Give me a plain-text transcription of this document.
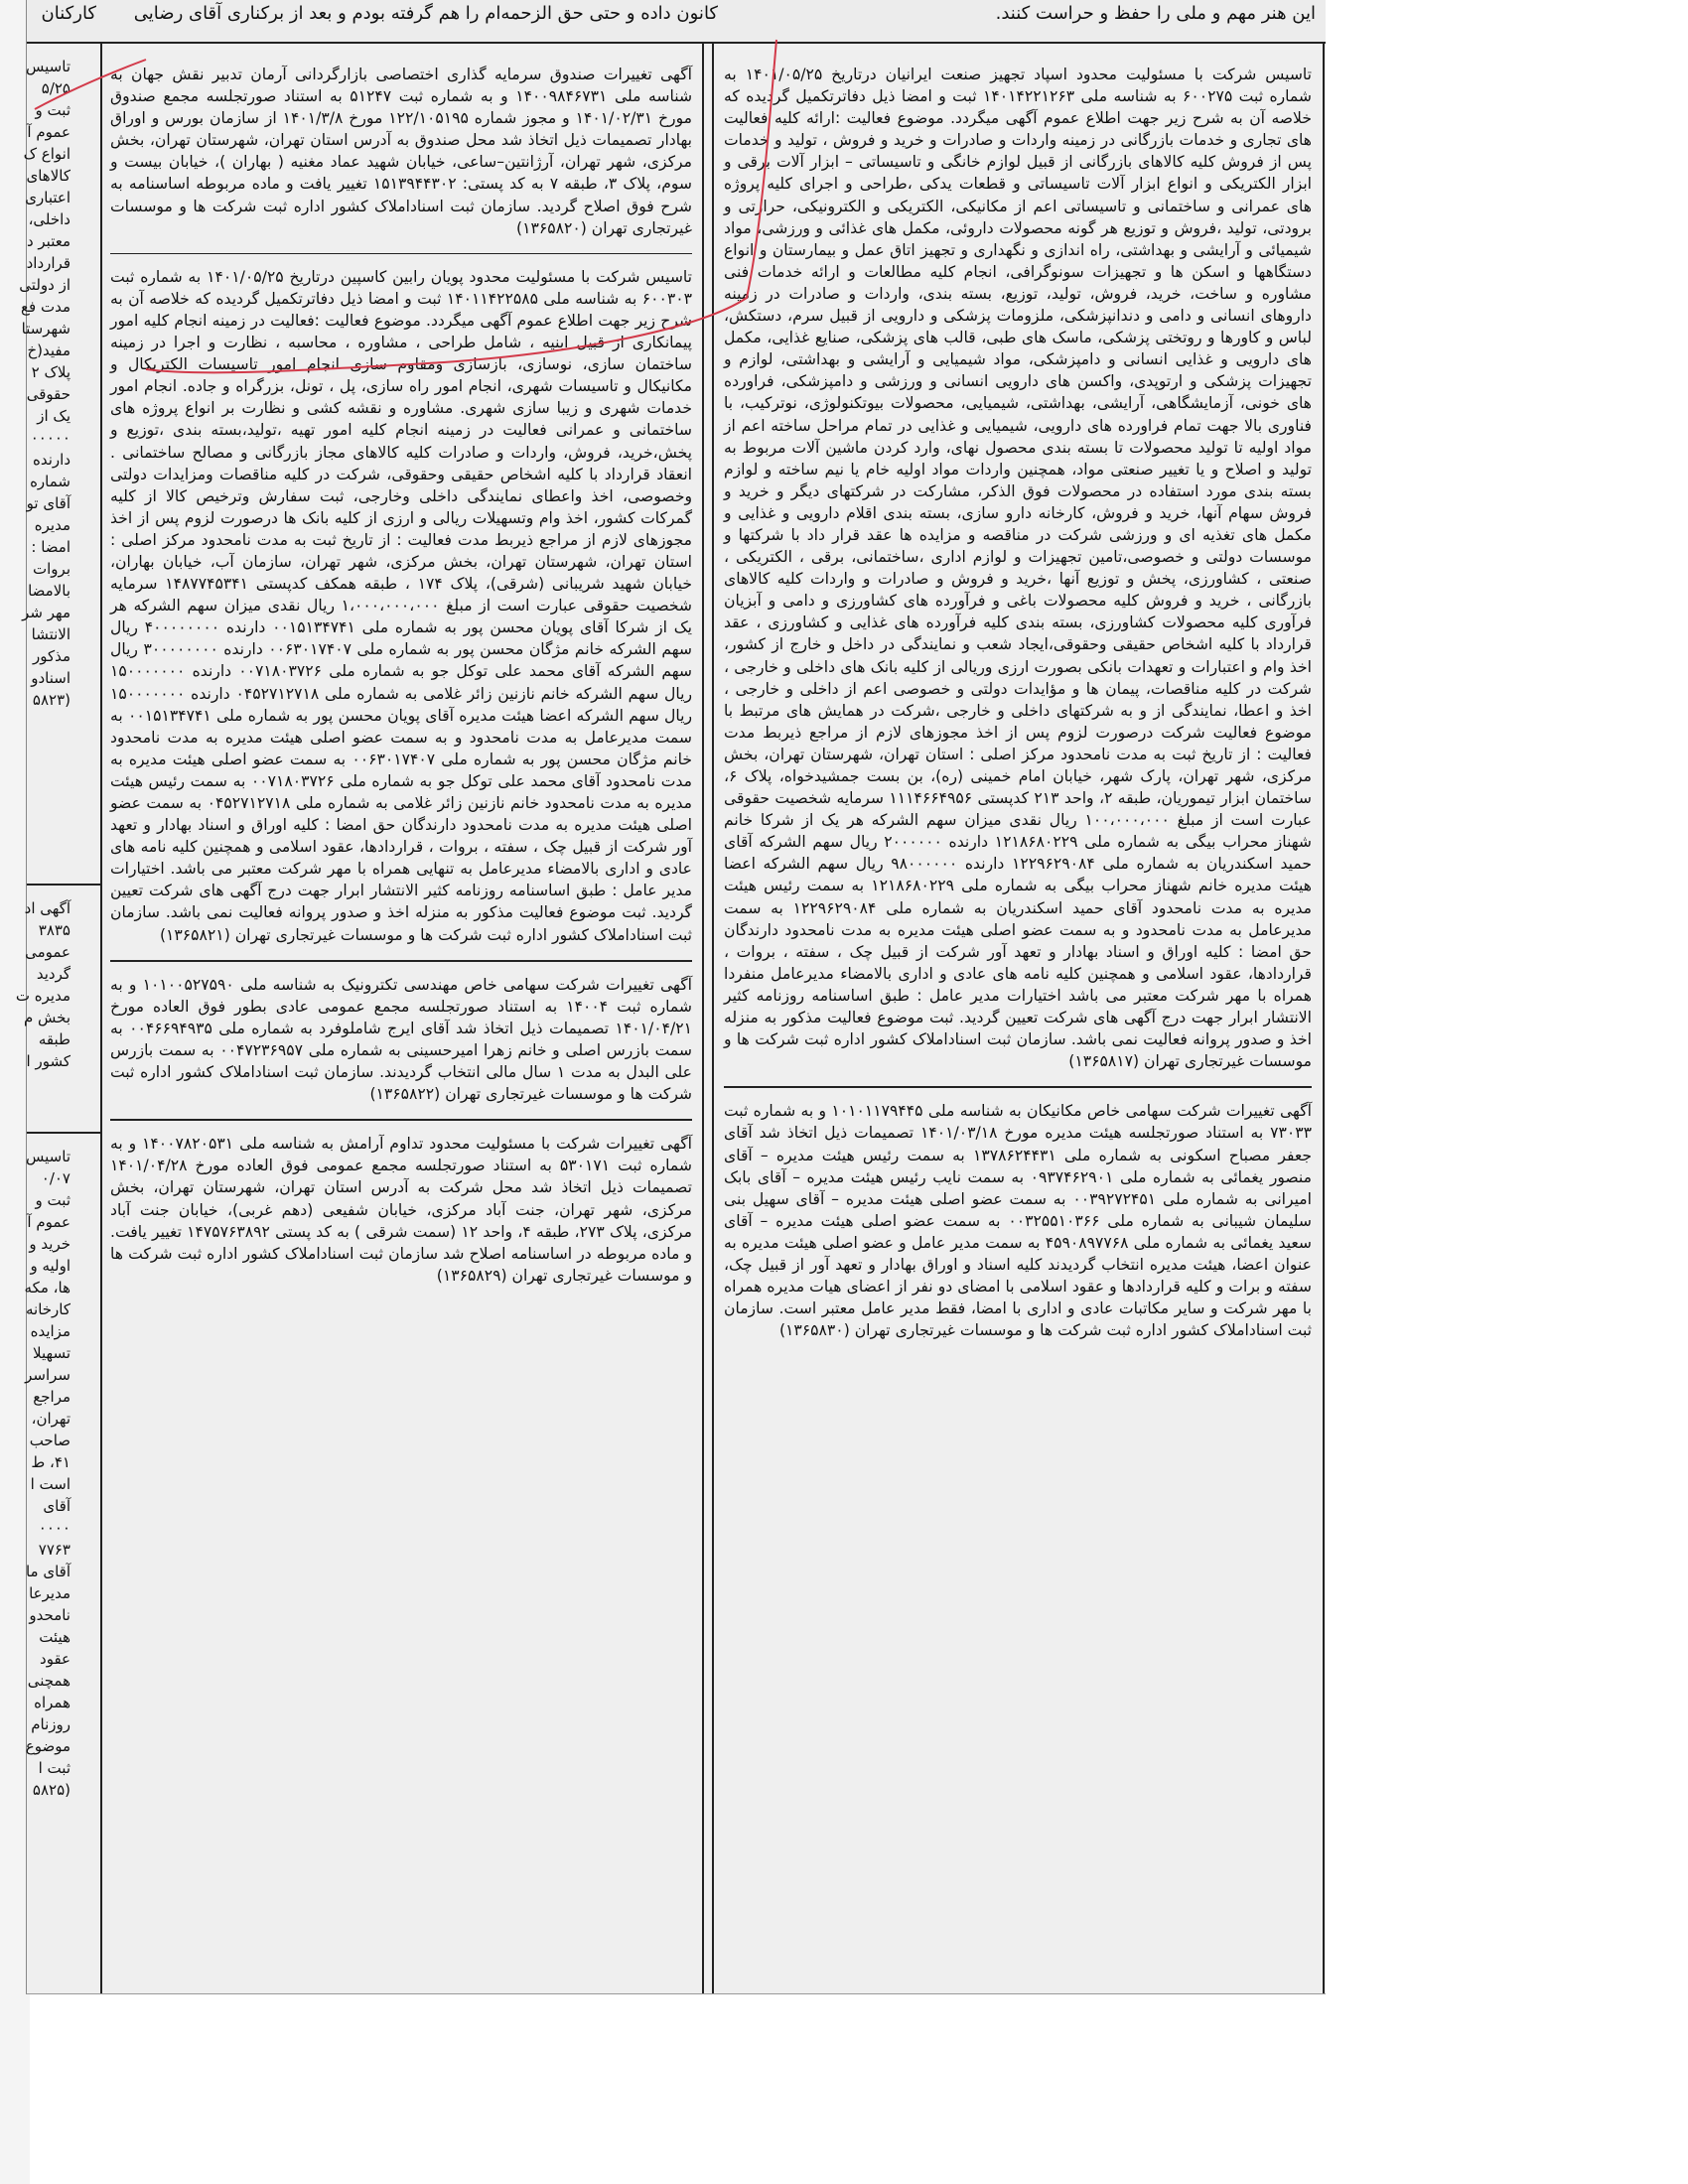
این هنر مهم و ملی را حفظ و حراست کنند.
کانون داده و حتی حق الزحمه‌ام را هم گرفته بودم و بعد از برکناری آقای رضایی
کارکنان
تاسیس
۵/۲۵
ثبت و
عموم آ
انواع ک
کالاهای
اعتباری
داخلی،
معتبر د
قرارداد
از دولتی
مدت فع
شهرستا
مفید(خ
پلاک ۲
حقوقی
یک از
۰۰۰۰۰
دارنده
شماره
آقای تو
مدیره
امضا :
بروات
بالامضا
مهر شر
الانتشا
مذکور
اسنادو
(۵۸۲۳
آگهی اد
۳۸۳۵
عمومی
گردید
مدیره ت
بخش م
طبقه
کشور ا
تاسیس
۰/۰۷
ثبت و
عموم آ
خرید و
اولیه و
ها، مکه
کارخانه
مزایده
تسهیلا
سراسر
مراجع
تهران،
صاحب
۴۱، ط
است ا
آقای
۰۰۰۰
۷۷۶۳
آقای ما
مدیرعا
نامحدو
هیئت
عقود
همچنی
همراه
روزنام
موضوع
ثبت ا
(۵۸۲۵

آگهی تغییرات صندوق سرمایه گذاری اختصاصی بازارگردانی آرمان تدبیر نقش جهان به شناسه ملی ۱۴۰۰۹۸۴۶۷۳۱ و به شماره ثبت ۵۱۲۴۷ به استناد صورتجلسه مجمع صندوق مورخ ۱۴۰۱/۰۲/۳۱ و مجوز شماره ۱۲۲/۱۰۵۱۹۵ مورخ ۱۴۰۱/۳/۸ از سازمان بورس و اوراق بهادار تصمیمات ذیل اتخاذ شد محل صندوق به آدرس استان تهران، شهرستان تهران، بخش مرکزی، شهر تهران، آرژانتین–ساعی، خیابان شهید عماد مغنیه ( بهاران )، خیابان بیست و سوم، پلاک ۳، طبقه ۷ به کد پستی: ۱۵۱۳۹۴۴۳۰۲ تغییر یافت و ماده مربوطه اساسنامه به شرح فوق اصلاح گردید. سازمان ثبت اسناداملاک کشور اداره ثبت شرکت ها و موسسات غیرتجاری تهران (۱۳۶۵۸۲۰)

تاسیس شرکت با مسئولیت محدود پویان رابین کاسپین درتاریخ ۱۴۰۱/۰۵/۲۵ به شماره ثبت ۶۰۰۳۰۳ به شناسه ملی ۱۴۰۱۱۴۲۲۵۸۵ ثبت و امضا ذیل دفاترتکمیل گردیده که خلاصه آن به شرح زیر جهت اطلاع عموم آگهی میگردد. موضوع فعالیت :فعالیت در زمینه انجام کلیه امور پیمانکاری از قبیل ابنیه ، شامل طراحی ، مشاوره ، محاسبه ، نظارت و اجرا در زمینه ساختمان سازی، نوسازی، بازسازی ومقاوم سازی انجام امور تاسیسات الکتریکال و مکانیکال و تاسیسات شهری، انجام امور راه سازی، پل ، تونل، بزرگراه و جاده. انجام امور خدمات شهری و زیبا سازی شهری. مشاوره و نقشه کشی و نظارت بر انواع پروژه های ساختمانی و عمرانی فعالیت در زمینه انجام کلیه امور تهیه ،تولید،بسته بندی ،توزیع و پخش،خرید، فروش، واردات و صادرات کلیه کالاهای مجاز بازرگانی و مصالح ساختمانی . انعقاد قرارداد با کلیه اشخاص حقیقی وحقوقی، شرکت در کلیه مناقصات ومزایدات دولتی وخصوصی، اخذ واعطای نمایندگی داخلی وخارجی، ثبت سفارش وترخیص کالا از کلیه گمرکات کشور، اخذ وام وتسهیلات ریالی و ارزی از کلیه بانک ها درصورت لزوم پس از اخذ مجوزهای لازم از مراجع ذیربط مدت فعالیت : از تاریخ ثبت به مدت نامحدود مرکز اصلی : استان تهران، شهرستان تهران، بخش مرکزی، شهر تهران، سازمان آب، خیابان بهاران، خیابان شهید شریبانی (شرقی)، پلاک ۱۷۴ ، طبقه همکف کدپستی ۱۴۸۷۷۴۵۳۴۱ سرمایه شخصیت حقوقی عبارت است از مبلغ ۱،۰۰۰،۰۰۰،۰۰۰ ریال نقدی میزان سهم الشرکه هر یک از شرکا آقای پویان محسن پور به شماره ملی ۰۰۱۵۱۳۴۷۴۱ دارنده ۴۰۰۰۰۰۰۰۰ ریال سهم الشرکه خانم مژگان محسن پور به شماره ملی ۰۰۶۳۰۱۷۴۰۷ دارنده ۳۰۰۰۰۰۰۰۰ ریال سهم الشرکه آقای محمد علی توکل جو به شماره ملی ۰۰۷۱۸۰۳۷۲۶ دارنده ۱۵۰۰۰۰۰۰۰ ریال سهم الشرکه خانم نازنین زائر غلامی به شماره ملی ۰۴۵۲۷۱۲۷۱۸ دارنده ۱۵۰۰۰۰۰۰۰ ریال سهم الشرکه اعضا هیئت مدیره آقای پویان محسن پور به شماره ملی ۰۰۱۵۱۳۴۷۴۱ به سمت مدیرعامل به مدت نامحدود و به سمت عضو اصلی هیئت مدیره به مدت نامحدود خانم مژگان محسن پور به شماره ملی ۰۰۶۳۰۱۷۴۰۷ به سمت عضو اصلی هیئت مدیره به مدت نامحدود آقای محمد علی توکل جو به شماره ملی ۰۰۷۱۸۰۳۷۲۶ به سمت رئیس هیئت مدیره به مدت نامحدود خانم نازنین زائر غلامی به شماره ملی ۰۴۵۲۷۱۲۷۱۸ به سمت عضو اصلی هیئت مدیره به مدت نامحدود دارندگان حق امضا : کلیه اوراق و اسناد بهادار و تعهد آور شرکت از قبیل چک ، سفته ، بروات ، قراردادها، عقود اسلامی و همچنین کلیه نامه های عادی و اداری بالامضاء مدیرعامل به تنهایی همراه با مهر شرکت معتبر می باشد. اختیارات مدیر عامل : طبق اساسنامه روزنامه کثیر الانتشار ابرار جهت درج آگهی های شرکت تعیین گردید. ثبت موضوع فعالیت مذکور به منزله اخذ و صدور پروانه فعالیت نمی باشد. سازمان ثبت اسناداملاک کشور اداره ثبت شرکت ها و موسسات غیرتجاری تهران (۱۳۶۵۸۲۱)

آگهی تغییرات شرکت سهامی خاص مهندسی تکترونیک به شناسه ملی ۱۰۱۰۰۵۲۷۵۹۰ و به شماره ثبت ۱۴۰۰۴ به استناد صورتجلسه مجمع عمومی عادی بطور فوق العاده مورخ ۱۴۰۱/۰۴/۲۱ تصمیمات ذیل اتخاذ شد آقای ایرج شاملوفرد به شماره ملی ۰۰۴۶۶۹۴۹۳۵ به سمت بازرس اصلی و خانم زهرا امیرحسینی به شماره ملی ۰۰۴۷۲۳۶۹۵۷ به سمت بازرس علی البدل به مدت ۱ سال مالی انتخاب گردیدند. سازمان ثبت اسناداملاک کشور اداره ثبت شرکت ها و موسسات غیرتجاری تهران (۱۳۶۵۸۲۲)

آگهی تغییرات شرکت با مسئولیت محدود تداوم آرامش به شناسه ملی ۱۴۰۰۷۸۲۰۵۳۱ و به شماره ثبت ۵۳۰۱۷۱ به استناد صورتجلسه مجمع عمومی فوق العاده مورخ ۱۴۰۱/۰۴/۲۸ تصمیمات ذیل اتخاذ شد محل شرکت به آدرس استان تهران، شهرستان تهران، بخش مرکزی، شهر تهران، جنت آباد مرکزی، خیابان شفیعی (دهم غربی)، خیابان جنت آباد مرکزی، پلاک ۲۷۳، طبقه ۴، واحد ۱۲ (سمت شرقی ) به کد پستی ۱۴۷۵۷۶۳۸۹۲ تغییر یافت. و ماده مربوطه در اساسنامه اصلاح شد سازمان ثبت اسناداملاک کشور اداره ثبت شرکت ها و موسسات غیرتجاری تهران (۱۳۶۵۸۲۹)

تاسیس شرکت با مسئولیت محدود اسپاد تجهیز صنعت ایرانیان درتاریخ ۱۴۰۱/۰۵/۲۵ به شماره ثبت ۶۰۰۲۷۵ به شناسه ملی ۱۴۰۱۴۲۲۱۲۶۳ ثبت و امضا ذیل دفاترتکمیل گردیده که خلاصه آن به شرح زیر جهت اطلاع عموم آگهی میگردد. موضوع فعالیت :ارائه کلیه فعالیت های تجاری و خدمات بازرگانی در زمینه واردات و صادرات و خرید و فروش ، تولید و خدمات پس از فروش کلیه کالاهای بازرگانی از قبیل لوازم خانگی و تاسیساتی – ابزار آلات برقی و ابزار الکتریکی و انواع ابزار آلات تاسیساتی و قطعات یدکی ،طراحی و اجرای کلیه پروژه های عمرانی و ساختمانی و تاسیساتی اعم از مکانیکی، الکتریکی و الکترونیکی، حرارتی و برودتی، تولید ،فروش و توزیع هر گونه محصولات داروئی، مکمل های غذائی و ورزشی، مواد شیمیائی و آرایشی و بهداشتی، راه اندازی و نگهداری و تجهیز اتاق عمل و بیمارستان و انواع دستگاهها و اسکن ها و تجهیزات سونوگرافی، انجام کلیه مطالعات و ارائه خدمات فنی مشاوره و ساخت، خرید، فروش، تولید، توزیع، بسته بندی، واردات و صادرات در زمینه داروهای انسانی و دامی و دندانپزشکی، ملزومات پزشکی و دارویی از قبیل سرم، دستکش، لباس و کاورها و روتختی پزشکی، ماسک های طبی، قالب های پزشکی، صنایع غذایی، مکمل های دارویی و غذایی انسانی و دامپزشکی، مواد شیمیایی و آرایشی و بهداشتی، لوازم و تجهیزات پزشکی و ارتوپدی، واکسن های دارویی انسانی و ورزشی و دامپزشکی، فراورده های خونی، آزمایشگاهی، آرایشی، بهداشتی، شیمیایی، محصولات بیوتکنولوژی، نوترکیب، با فناوری بالا جهت تمام فراورده های دارویی، شیمیایی و غذایی در تمام مراحل ساخته اعم از مواد اولیه تا تولید محصولات تا بسته بندی محصول نهای، وارد کردن ماشین آلات مربوط به تولید و اصلاح و یا تغییر صنعتی مواد، همچنین واردات مواد اولیه خام یا نیم ساخته و لوازم بسته بندی مورد استفاده در محصولات فوق الذکر، مشارکت در شرکتهای دیگر و خرید و فروش سهام آنها، خرید و فروش، کارخانه دارو سازی، بسته بندی اقلام دارویی و غذایی و مکمل های تغذیه ای و ورزشی شرکت در مناقصه و مزایده ها عقد قرار داد با شرکتها و موسسات دولتی و خصوصی،تامین تجهیزات و لوازم اداری ،ساختمانی، برقی ، الکتریکی ، صنعتی ، کشاورزی، پخش و توزیع آنها ،خرید و فروش و صادرات و واردات کلیه کالاهای بازرگانی ، خرید و فروش کلیه محصولات باغی و فرآورده های کشاورزی و دامی و آبزیان فرآوری کلیه محصولات کشاورزی، بسته بندی کلیه فرآورده های غذایی و کشاورزی ، عقد قرارداد با کلیه اشخاص حقیقی وحقوقی،ایجاد شعب و نمایندگی در داخل و خارج از کشور، اخذ وام و اعتبارات و تعهدات بانکی بصورت ارزی وریالی از کلیه بانک های داخلی و خارجی ، شرکت در کلیه مناقصات، پیمان ها و مؤایدات دولتی و خصوصی اعم از داخلی و خارجی ، اخذ و اعطا، نمایندگی از و به شرکتهای داخلی و خارجی ،شرکت در همایش های مرتبط با موضوع فعالیت شرکت درصورت لزوم پس از اخذ مجوزهای لازم از مراجع ذیربط مدت فعالیت : از تاریخ ثبت به مدت نامحدود مرکز اصلی : استان تهران، شهرستان تهران، بخش مرکزی، شهر تهران، پارک شهر، خیابان امام خمینی (ره)، بن بست جمشیدخواه، پلاک ۶، ساختمان ابزار تیموریان، طبقه ۲، واحد ۲۱۳ کدپستی ۱۱۱۴۶۶۴۹۵۶ سرمایه شخصیت حقوقی عبارت است از مبلغ ۱۰۰،۰۰۰،۰۰۰ ریال نقدی میزان سهم الشرکه هر یک از شرکا خانم شهناز محراب بیگی به شماره ملی ۱۲۱۸۶۸۰۲۲۹ دارنده ۲۰۰۰۰۰۰ ریال سهم الشرکه آقای حمید اسکندریان به شماره ملی ۱۲۲۹۶۲۹۰۸۴ دارنده ۹۸۰۰۰۰۰۰ ریال سهم الشرکه اعضا هیئت مدیره خانم شهناز محراب بیگی به شماره ملی ۱۲۱۸۶۸۰۲۲۹ به سمت رئیس هیئت مدیره به مدت نامحدود آقای حمید اسکندریان به شماره ملی ۱۲۲۹۶۲۹۰۸۴ به سمت مدیرعامل به مدت نامحدود و به سمت عضو اصلی هیئت مدیره به مدت نامحدود دارندگان حق امضا : کلیه اوراق و اسناد بهادار و تعهد آور شرکت از قبیل چک ، سفته ، بروات ، قراردادها، عقود اسلامی و همچنین کلیه نامه های عادی و اداری بالامضاء مدیرعامل منفردا همراه با مهر شرکت معتبر می باشد اختیارات مدیر عامل : طبق اساسنامه روزنامه کثیر الانتشار ابرار جهت درج آگهی های شرکت تعیین گردید. ثبت موضوع فعالیت مذکور به منزله اخذ و صدور پروانه فعالیت نمی باشد. سازمان ثبت اسناداملاک کشور اداره ثبت شرکت ها و موسسات غیرتجاری تهران (۱۳۶۵۸۱۷)

آگهی تغییرات شرکت سهامی خاص مکانیکان به شناسه ملی ۱۰۱۰۱۱۷۹۴۴۵ و به شماره ثبت ۷۳۰۳۳ به استناد صورتجلسه هیئت مدیره مورخ ۱۴۰۱/۰۳/۱۸ تصمیمات ذیل اتخاذ شد آقای جعفر مصباح اسکونی به شماره ملی ۱۳۷۸۶۲۴۴۳۱ به سمت رئیس هیئت مدیره – آقای منصور یغمائی به شماره ملی ۰۹۳۷۴۶۲۹۰۱ به سمت نایب رئیس هیئت مدیره – آقای بابک امیرانی به شماره ملی ۰۰۳۹۲۷۲۴۵۱ به سمت عضو اصلی هیئت مدیره – آقای سهیل بنی سلیمان شیبانی به شماره ملی ۰۰۳۲۵۵۱۰۳۶۶ به سمت عضو اصلی هیئت مدیره – آقای سعید یغمائی به شماره ملی ۴۵۹۰۸۹۷۷۶۸ به سمت مدیر عامل و عضو اصلی هیئت مدیره به عنوان اعضا، هیئت مدیره انتخاب گردیدند کلیه اسناد و اوراق بهادار و تعهد آور از قبیل چک، سفته و برات و کلیه قراردادها و عقود اسلامی با امضای دو نفر از اعضای هیات مدیره همراه با مهر شرکت و سایر مکاتبات عادی و اداری با امضا، فقط مدیر عامل معتبر است. سازمان ثبت اسناداملاک کشور اداره ثبت شرکت ها و موسسات غیرتجاری تهران (۱۳۶۵۸۳۰)
